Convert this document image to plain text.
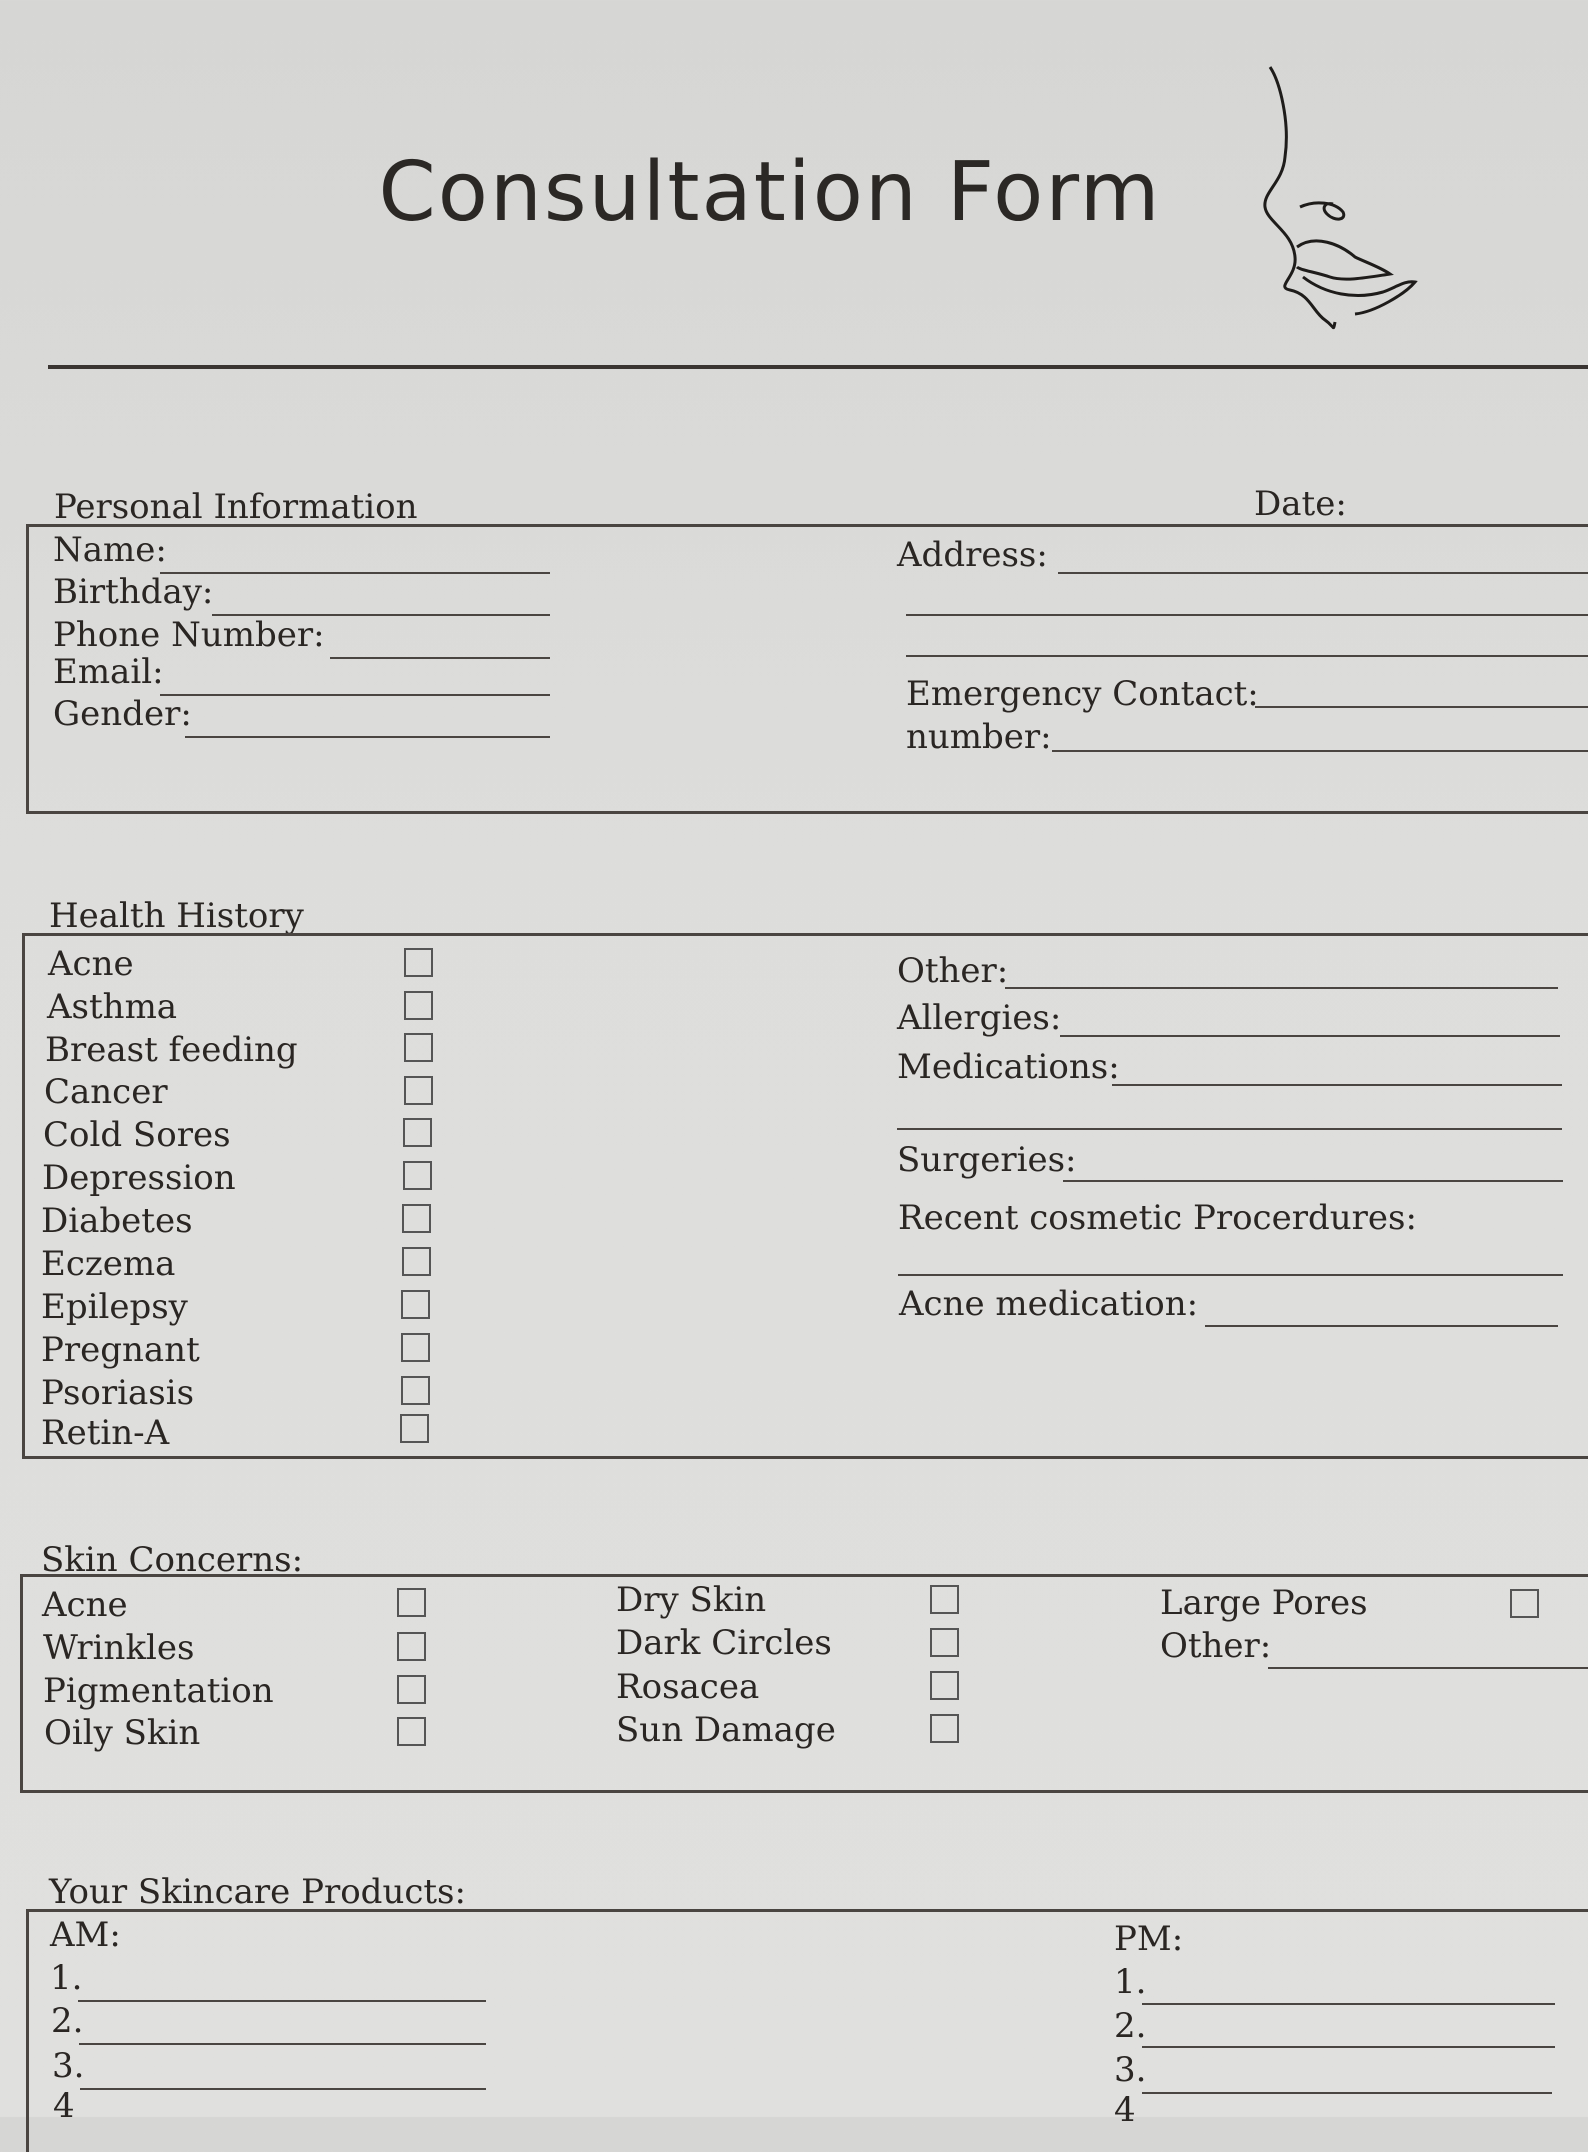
Consultation Form
Personal Information	Date:
Name:
Birthday:
Phone Number:
Email:
Gender:
Address:
Emergency Contact:
number:
Health History
Acne
Asthma
Breast feeding
Cancer
Cold Sores
Depression
Diabetes
Eczema
Epilepsy
Pregnant
Psoriasis
Retin-A
Other:
Allergies:
Medications:
Surgeries:
Recent cosmetic Procerdures:
Acne medication:
Skin Concerns:
Acne
Wrinkles
Pigmentation
Oily Skin
Dry Skin
Dark Circles
Rosacea
Sun Damage
Large Pores
Other:
Your Skincare Products:
AM:
1.
2.
3.
4
PM:
1.
2.
3.
4
